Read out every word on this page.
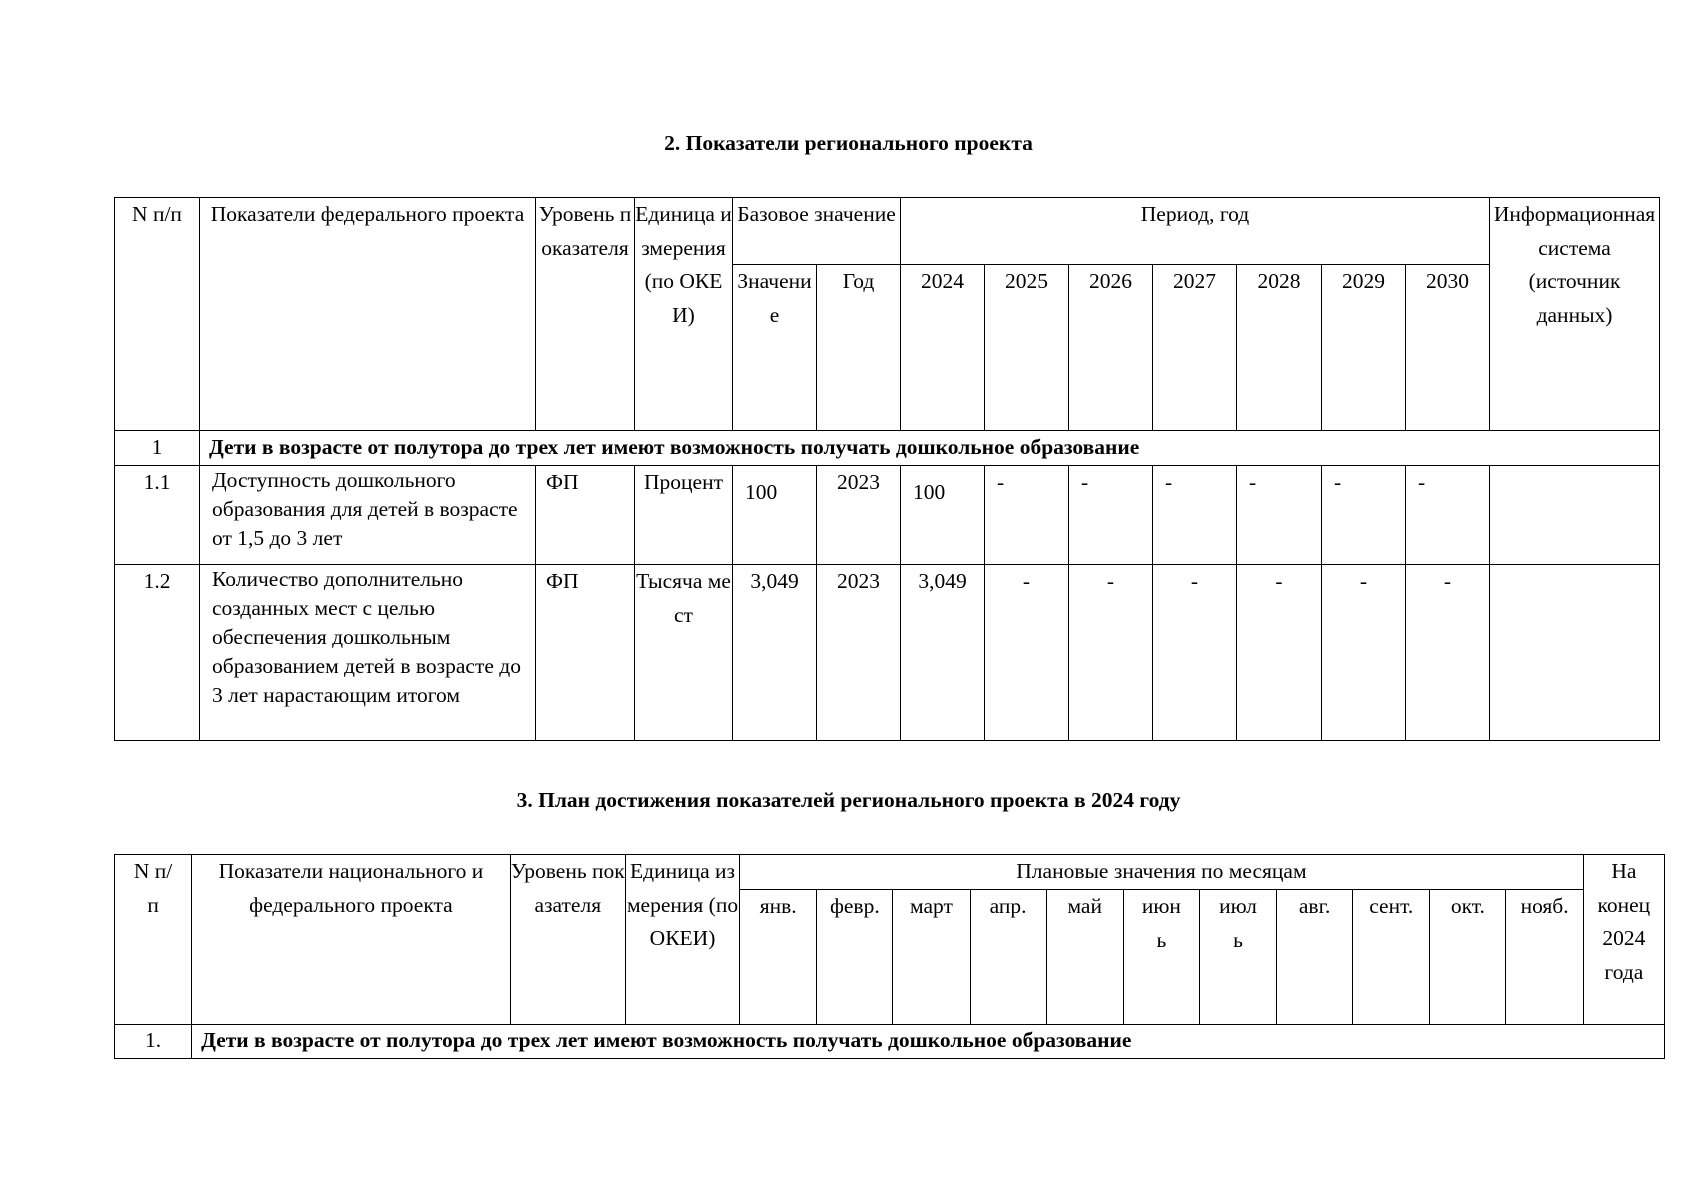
2. Показатели регионального проекта
N п/п	Показатели федерального проекта	Уровень показателя	Единица измерения (по ОКЕИ)	Базовое значение		Период, год							Информационная система (источник данных)
				Значение	Год	2024	2025	2026	2027	2028	2029	2030	
1	Дети в возрасте от полутора до трех лет имеют возможность получать дошкольное образование												
1.1	Доступность дошкольного образования для детей в возрасте от 1,5 до 3 лет	ФП	Процент	100	2023	100	-	-	-	-	-	-	
1.2	Количество дополнительно созданных мест с целью обеспечения дошкольным образованием детей в возрасте до 3 лет нарастающим итогом	ФП	Тысяча мест	3,049	2023	3,049	-	-	-	-	-	-	
3. План достижения показателей регионального проекта в 2024 году
N п/п	Показатели национального и федерального проекта	Уровень показателя	Единица измерения (по ОКЕИ)	Плановые значения по месяцам											На конец 2024 года
				янв.	февр.	март	апр.	май	июнь	июль	авг.	сент.	окт.	нояб.	
1.	Дети в возрасте от полутора до трех лет имеют возможность получать дошкольное образование														
